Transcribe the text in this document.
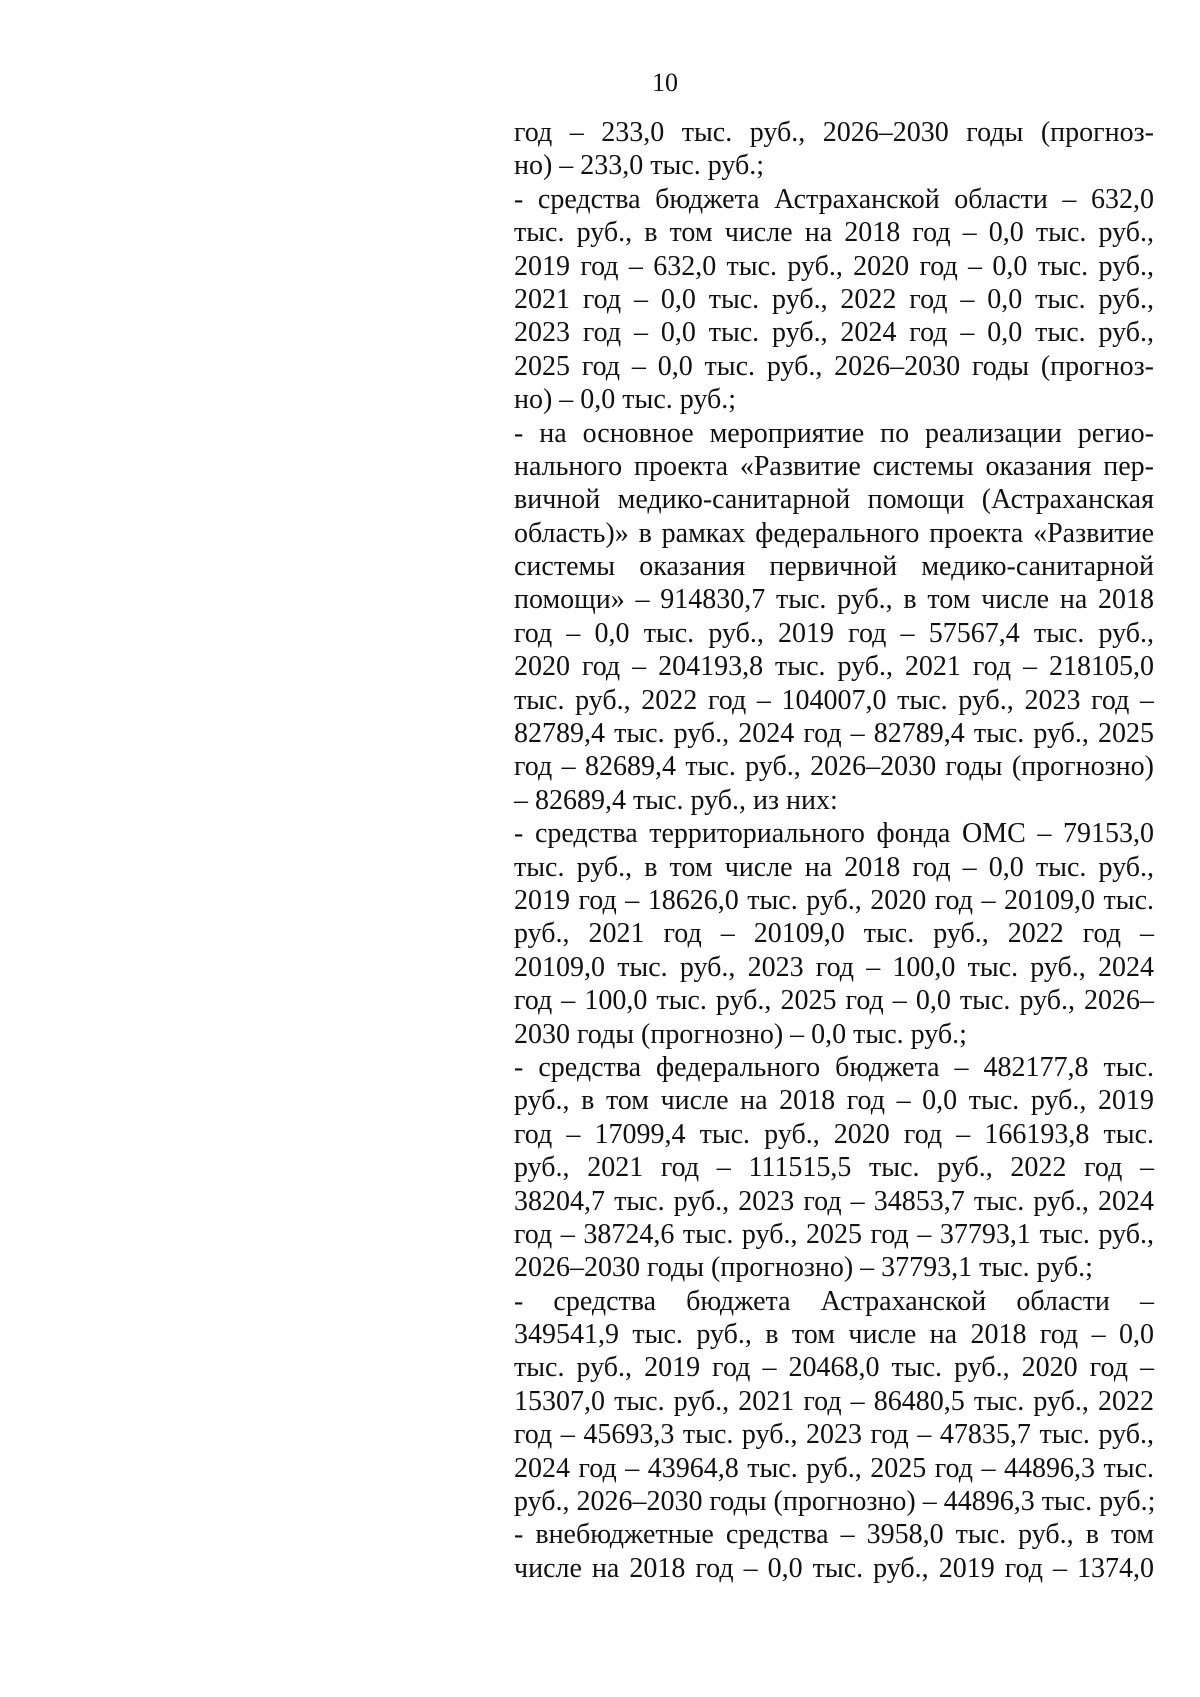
10
год – 233,0 тыс. руб., 2026–2030 годы (прогноз-
но) – 233,0 тыс. руб.;
- средства бюджета Астраханской области – 632,0
тыс. руб., в том числе на 2018 год – 0,0 тыс. руб.,
2019 год – 632,0 тыс. руб., 2020 год – 0,0 тыс. руб.,
2021 год – 0,0 тыс. руб., 2022 год – 0,0 тыс. руб.,
2023 год – 0,0 тыс. руб., 2024 год – 0,0 тыс. руб.,
2025 год – 0,0 тыс. руб., 2026–2030 годы (прогноз-
но) – 0,0 тыс. руб.;
- на основное мероприятие по реализации регио-
нального проекта «Развитие системы оказания пер-
вичной медико-санитарной помощи (Астраханская
область)» в рамках федерального проекта «Развитие
системы оказания первичной медико-санитарной
помощи» – 914830,7 тыс. руб., в том числе на 2018
год – 0,0 тыс. руб., 2019 год – 57567,4 тыс. руб.,
2020 год – 204193,8 тыс. руб., 2021 год – 218105,0
тыс. руб., 2022 год – 104007,0 тыс. руб., 2023 год –
82789,4 тыс. руб., 2024 год – 82789,4 тыс. руб., 2025
год – 82689,4 тыс. руб., 2026–2030 годы (прогнозно)
– 82689,4 тыс. руб., из них:
- средства территориального фонда ОМС – 79153,0
тыс. руб., в том числе на 2018 год – 0,0 тыс. руб.,
2019 год – 18626,0 тыс. руб., 2020 год – 20109,0 тыс.
руб., 2021 год – 20109,0 тыс. руб., 2022 год –
20109,0 тыс. руб., 2023 год – 100,0 тыс. руб., 2024
год – 100,0 тыс. руб., 2025 год – 0,0 тыс. руб., 2026–
2030 годы (прогнозно) – 0,0 тыс. руб.;
- средства федерального бюджета – 482177,8 тыс.
руб., в том числе на 2018 год – 0,0 тыс. руб., 2019
год – 17099,4 тыс. руб., 2020 год – 166193,8 тыс.
руб., 2021 год – 111515,5 тыс. руб., 2022 год –
38204,7 тыс. руб., 2023 год – 34853,7 тыс. руб., 2024
год – 38724,6 тыс. руб., 2025 год – 37793,1 тыс. руб.,
2026–2030 годы (прогнозно) – 37793,1 тыс. руб.;
- средства бюджета Астраханской области –
349541,9 тыс. руб., в том числе на 2018 год – 0,0
тыс. руб., 2019 год – 20468,0 тыс. руб., 2020 год –
15307,0 тыс. руб., 2021 год – 86480,5 тыс. руб., 2022
год – 45693,3 тыс. руб., 2023 год – 47835,7 тыс. руб.,
2024 год – 43964,8 тыс. руб., 2025 год – 44896,3 тыс.
руб., 2026–2030 годы (прогнозно) – 44896,3 тыс. руб.;
- внебюджетные средства – 3958,0 тыс. руб., в том
числе на 2018 год – 0,0 тыс. руб., 2019 год – 1374,0
